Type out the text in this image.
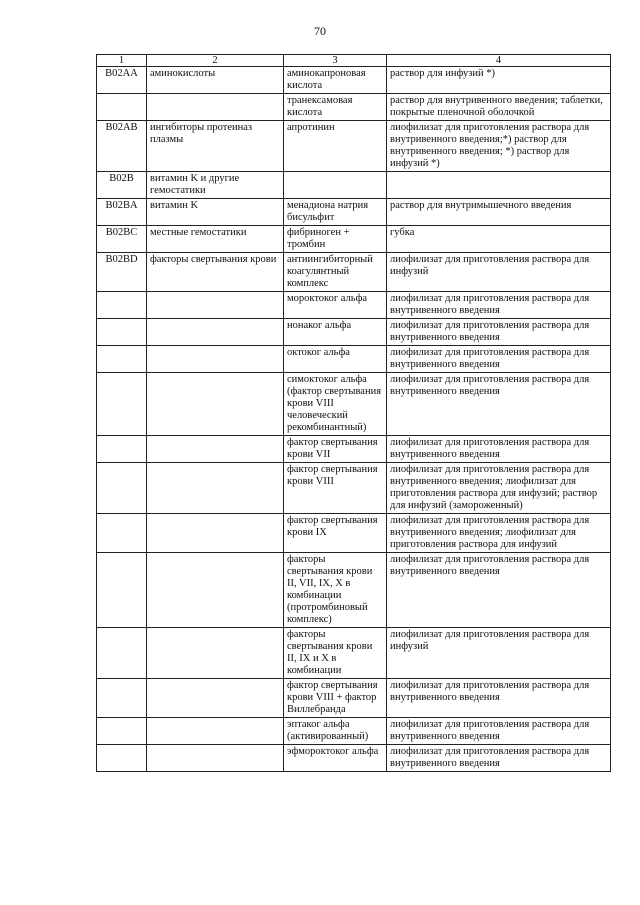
70
1	2	3	4
B02AA	аминокислоты	аминокапроновая кислота	раствор для инфузий *)
		транексамовая кислота	раствор для внутривенного введения; таблетки, покрытые пленочной оболочкой
B02AB	ингибиторы протеиназ плазмы	апротинин	лиофилизат для приготовления раствора для внутривенного введения;*) раствор для внутривенного введения; *) раствор для инфузий *)
B02B	витамин K и другие гемостатики		
B02BA	витамин K	менадиона натрия бисульфит	раствор для внутримышечного введения
B02BC	местные гемостатики	фибриноген + тромбин	губка
B02BD	факторы свертывания крови	антиингибиторный коагулянтный комплекс	лиофилизат для приготовления раствора для инфузий
		мороктоког альфа	лиофилизат для приготовления раствора для внутривенного введения
		нонаког альфа	лиофилизат для приготовления раствора для внутривенного введения
		октоког альфа	лиофилизат для приготовления раствора для внутривенного введения
		симоктоког альфа (фактор свертывания крови VIII человеческий рекомбинантный)	лиофилизат для приготовления раствора для внутривенного введения
		фактор свертывания крови VII	лиофилизат для приготовления раствора для внутривенного введения
		фактор свертывания крови VIII	лиофилизат для приготовления раствора для внутривенного введения; лиофилизат для приготовления раствора для инфузий; раствор для инфузий (замороженный)
		фактор свертывания крови IX	лиофилизат для приготовления раствора для внутривенного введения; лиофилизат для приготовления раствора для инфузий
		факторы свертывания крови II, VII, IX, X в комбинации (протромбиновый комплекс)	лиофилизат для приготовления раствора для внутривенного введения
		факторы свертывания крови II, IX и X в комбинации	лиофилизат для приготовления раствора для инфузий
		фактор свертывания крови VIII + фактор Виллебранда	лиофилизат для приготовления раствора для внутривенного введения
		эптаког альфа (активированный)	лиофилизат для приготовления раствора для внутривенного введения
		эфмороктоког альфа	лиофилизат для приготовления раствора для внутривенного введения
